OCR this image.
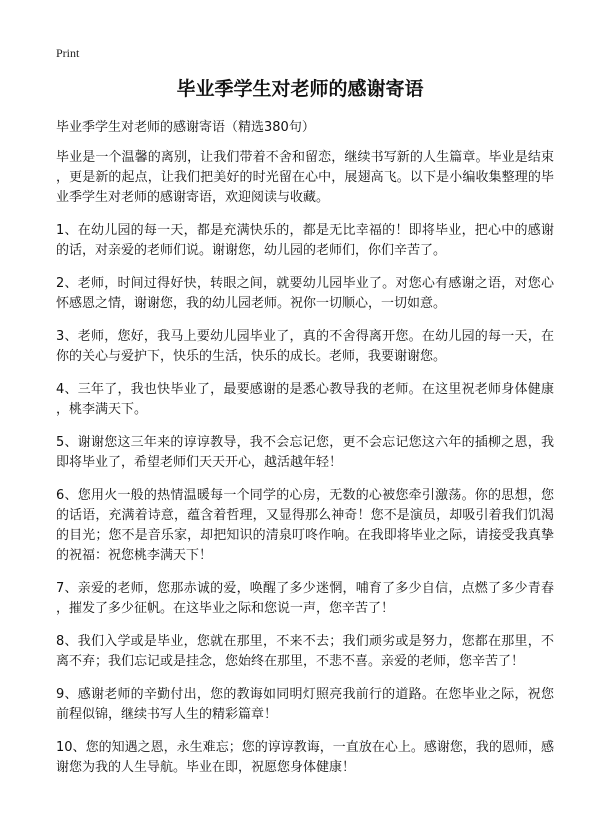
Print
毕业季学生对老师的感谢寄语
毕业季学生对老师的感谢寄语（精选380句）

毕业是一个温馨的离别，让我们带着不舍和留恋，继续书写新的人生篇章。毕业是结束，更是新的起点，让我们把美好的时光留在心中，展翅高飞。以下是小编收集整理的毕业季学生对老师的感谢寄语，欢迎阅读与收藏。

1、在幼儿园的每一天，都是充满快乐的，都是无比幸福的！即将毕业，把心中的感谢的话，对亲爱的老师们说。谢谢您，幼儿园的老师们，你们辛苦了。

2、老师，时间过得好快，转眼之间，就要幼儿园毕业了。对您心有感谢之语，对您心怀感恩之情，谢谢您，我的幼儿园老师。祝你一切顺心，一切如意。

3、老师，您好，我马上要幼儿园毕业了，真的不舍得离开您。在幼儿园的每一天，在你的关心与爱护下，快乐的生活，快乐的成长。老师，我要谢谢您。

4、三年了，我也快毕业了，最要感谢的是悉心教导我的老师。在这里祝老师身体健康，桃李满天下。

5、谢谢您这三年来的谆谆教导，我不会忘记您，更不会忘记您这六年的插柳之恩，我即将毕业了，希望老师们天天开心，越活越年轻！

6、您用火一般的热情温暖每一个同学的心房，无数的心被您牵引激荡。你的思想，您的话语，充满着诗意，蕴含着哲理，又显得那么神奇！您不是演员，却吸引着我们饥渴的目光；您不是音乐家，却把知识的清泉叮咚作响。在我即将毕业之际，请接受我真挚的祝福：祝您桃李满天下！

7、亲爱的老师，您那赤诚的爱，唤醒了多少迷惘，哺育了多少自信，点燃了多少青春，摧发了多少征帆。在这毕业之际和您说一声，您辛苦了！

8、我们入学或是毕业，您就在那里，不来不去；我们顽劣或是努力，您都在那里，不离不弃；我们忘记或是挂念，您始终在那里，不悲不喜。亲爱的老师，您辛苦了！

9、感谢老师的辛勤付出，您的教诲如同明灯照亮我前行的道路。在您毕业之际，祝您前程似锦，继续书写人生的精彩篇章！

10、您的知遇之恩，永生难忘；您的谆谆教诲，一直放在心上。感谢您，我的恩师，感谢您为我的人生导航。毕业在即，祝愿您身体健康！
